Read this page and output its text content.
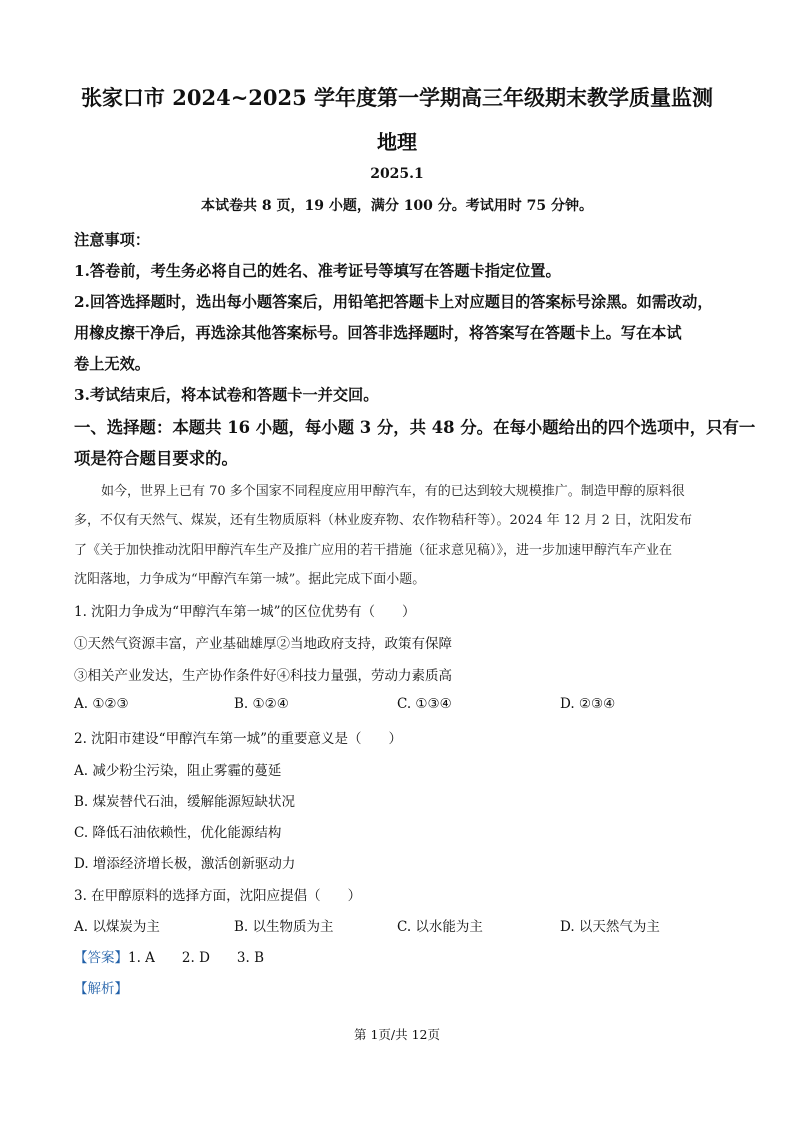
张家口市 2024~2025 学年度第一学期高三年级期末教学质量监测
地理
2025.1
本试卷共 8 页，19 小题，满分 100 分。考试用时 75 分钟。
注意事项：
1.答卷前，考生务必将自己的姓名、准考证号等填写在答题卡指定位置。
2.回答选择题时，选出每小题答案后，用铅笔把答题卡上对应题目的答案标号涂黑。如需改动，
用橡皮擦干净后，再选涂其他答案标号。回答非选择题时，将答案写在答题卡上。写在本试
卷上无效。
3.考试结束后，将本试卷和答题卡一并交回。
一、选择题：本题共 16 小题，每小题 3 分，共 48 分。在每小题给出的四个选项中，只有一
项是符合题目要求的。
如今，世界上已有 70 多个国家不同程度应用甲醇汽车，有的已达到较大规模推广。制造甲醇的原料很
多，不仅有天然气、煤炭，还有生物质原料（林业废弃物、农作物秸秆等）。2024 年 12 月 2 日，沈阳发布
了《关于加快推动沈阳甲醇汽车生产及推广应用的若干措施（征求意见稿）》，进一步加速甲醇汽车产业在
沈阳落地，力争成为“甲醇汽车第一城”。据此完成下面小题。
1. 沈阳力争成为“甲醇汽车第一城”的区位优势有（　　）
①天然气资源丰富，产业基础雄厚②当地政府支持，政策有保障
③相关产业发达，生产协作条件好④科技力量强，劳动力素质高
A. ①②③	B. ①②④	C. ①③④	D. ②③④
2. 沈阳市建设“甲醇汽车第一城”的重要意义是（　　）
A. 减少粉尘污染，阻止雾霾的蔓延
B. 煤炭替代石油，缓解能源短缺状况
C. 降低石油依赖性，优化能源结构
D. 增添经济增长极，激活创新驱动力
3. 在甲醇原料的选择方面，沈阳应提倡（　　）
A. 以煤炭为主	B. 以生物质为主	C. 以水能为主	D. 以天然气为主
【答案】1. A　　2. D　　3. B
【解析】
第 1页/共 12页
